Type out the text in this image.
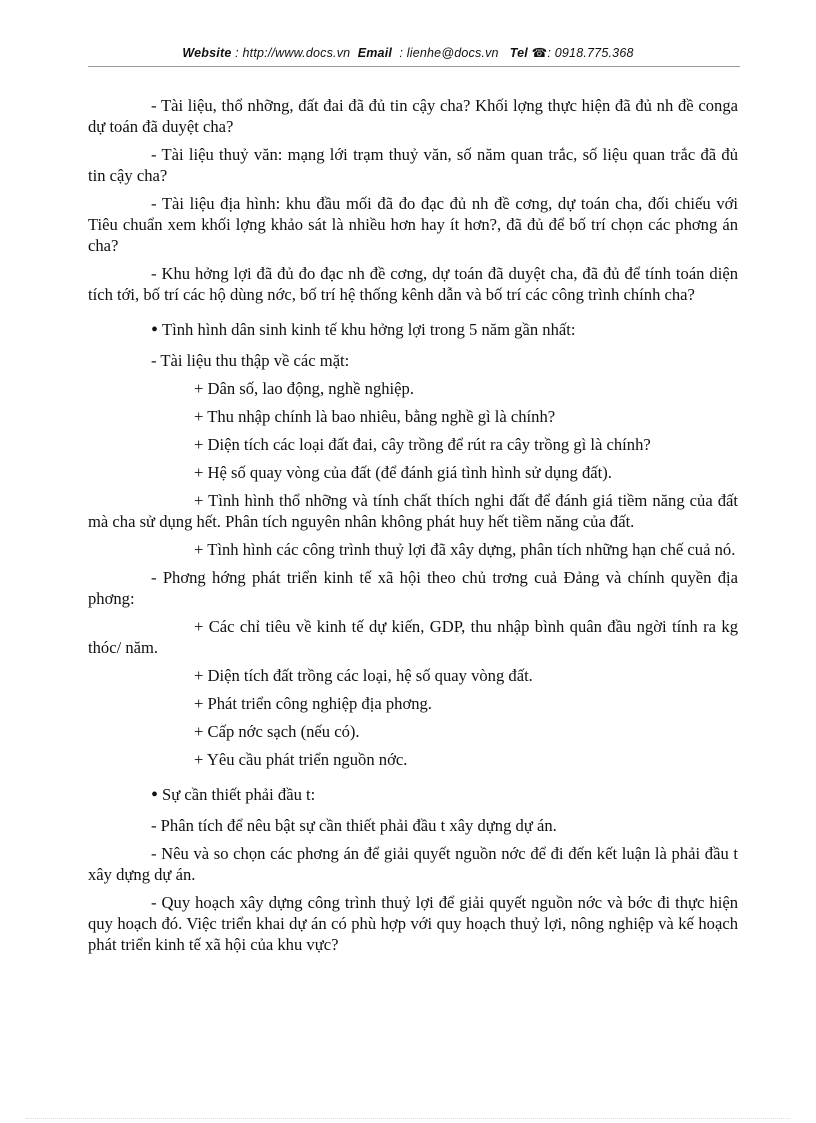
Website : http://www.docs.vn Email : lienhe@docs.vn Tel ☎: 0918.775.368

- Tài liệu, thổ nhỡng, đất đai đã đủ tin cậy cha? Khối lợng thực hiện đã đủ nh đề conga dự toán đã duyệt cha?

- Tài liệu thuỷ văn: mạng lới trạm thuỷ văn, số năm quan trắc, số liệu quan trắc đã đủ tin cậy cha?

- Tài liệu địa hình: khu đầu mối đã đo đạc đủ nh đề cơng, dự toán cha, đối chiếu với Tiêu chuẩn xem khối lợng khảo sát là nhiều hơn hay ít hơn?, đã đủ để bố trí chọn các phơng án cha?

- Khu hởng lợi đã đủ đo đạc nh đề cơng, dự toán đã duyệt cha, đã đủ để tính toán diện tích tới, bố trí các hộ dùng nớc, bố trí hệ thống kênh dẫn và bố trí các công trình chính cha?

• Tình hình dân sinh kinh tế khu hởng lợi trong 5 năm gần nhất:

- Tài liệu thu thập về các mặt:

+ Dân số, lao động, nghề nghiệp.

+ Thu nhập chính là bao nhiêu, bằng nghề gì là chính?

+ Diện tích các loại đất đai, cây trồng để rút ra cây trồng gì là chính?

+ Hệ số quay vòng của đất (để đánh giá tình hình sử dụng đất).

+ Tình hình thổ nhỡng và tính chất thích nghi đất để đánh giá tiềm năng của đất mà cha sử dụng hết. Phân tích nguyên nhân không phát huy hết tiềm năng của đất.

+ Tình hình các công trình thuỷ lợi đã xây dựng, phân tích những hạn chế cuả nó.

- Phơng hớng phát triển kinh tế xã hội theo chủ trơng cuả Đảng và chính quyền địa phơng:

+ Các chỉ tiêu về kinh tế dự kiến, GDP, thu nhập bình quân đầu ngời tính ra kg thóc/ năm.

+ Diện tích đất trồng các loại, hệ số quay vòng đất.

+ Phát triển công nghiệp địa phơng.

+ Cấp nớc sạch (nếu có).

+ Yêu cầu phát triển nguồn nớc.

• Sự cần thiết phải đầu t:

- Phân tích để nêu bật sự cần thiết phải đầu t xây dựng dự án.

- Nêu và so chọn các phơng án để giải quyết nguồn nớc để đi đến kết luận là phải đầu t xây dựng dự án.

- Quy hoạch xây dựng công trình thuỷ lợi để giải quyết nguồn nớc và bớc đi thực hiện quy hoạch đó. Việc triển khai dự án có phù hợp với quy hoạch thuỷ lợi, nông nghiệp và kế hoạch phát triển kinh tế xã hội của khu vực?
